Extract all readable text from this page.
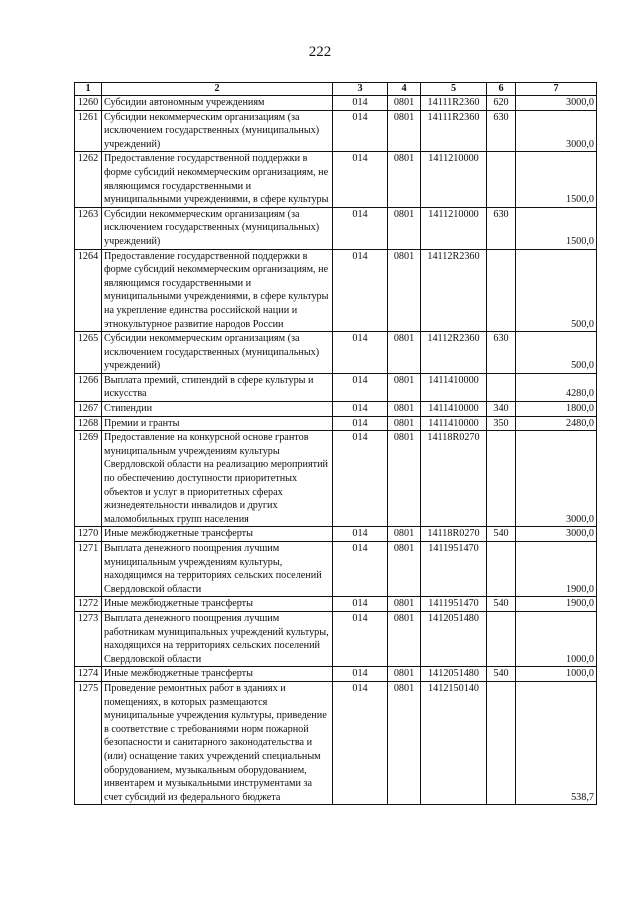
222
1	2	3	4	5	6	7
1260	Субсидии автономным учреждениям	014	0801	14111R2360	620	3000,0
1261	Субсидии некоммерческим организациям (за исключением государственных (муниципальных) учреждений)	014	0801	14111R2360	630	3000,0
1262	Предоставление государственной поддержки в форме субсидий некоммерческим организациям, не являющимся государственными и муниципальными учреждениями, в сфере культуры	014	0801	1411210000		1500,0
1263	Субсидии некоммерческим организациям (за исключением государственных (муниципальных) учреждений)	014	0801	1411210000	630	1500,0
1264	Предоставление государственной поддержки в форме субсидий некоммерческим организациям, не являющимся государственными и муниципальными учреждениями, в сфере культуры на укрепление единства российской нации и этнокультурное развитие народов России	014	0801	14112R2360		500,0
1265	Субсидии некоммерческим организациям (за исключением государственных (муниципальных) учреждений)	014	0801	14112R2360	630	500,0
1266	Выплата премий, стипендий в сфере культуры и искусства	014	0801	1411410000		4280,0
1267	Стипендии	014	0801	1411410000	340	1800,0
1268	Премии и гранты	014	0801	1411410000	350	2480,0
1269	Предоставление на конкурсной основе грантов муниципальным учреждениям культуры Свердловской области на реализацию мероприятий по обеспечению доступности приоритетных объектов и услуг в приоритетных сферах жизнедеятельности инвалидов и других маломобильных групп населения	014	0801	14118R0270		3000,0
1270	Иные межбюджетные трансферты	014	0801	14118R0270	540	3000,0
1271	Выплата денежного поощрения лучшим муниципальным учреждениям культуры, находящимся на территориях сельских поселений Свердловской области	014	0801	1411951470		1900,0
1272	Иные межбюджетные трансферты	014	0801	1411951470	540	1900,0
1273	Выплата денежного поощрения лучшим работникам муниципальных учреждений культуры, находящихся на территориях сельских поселений Свердловской области	014	0801	1412051480		1000,0
1274	Иные межбюджетные трансферты	014	0801	1412051480	540	1000,0
1275	Проведение ремонтных работ в зданиях и помещениях, в которых размещаются муниципальные учреждения культуры, приведение в соответствие с требованиями норм пожарной безопасности и санитарного законодательства и (или) оснащение таких учреждений специальным оборудованием, музыкальным оборудованием, инвентарем и музыкальными инструментами за счет субсидий из федерального бюджета	014	0801	1412150140		538,7
